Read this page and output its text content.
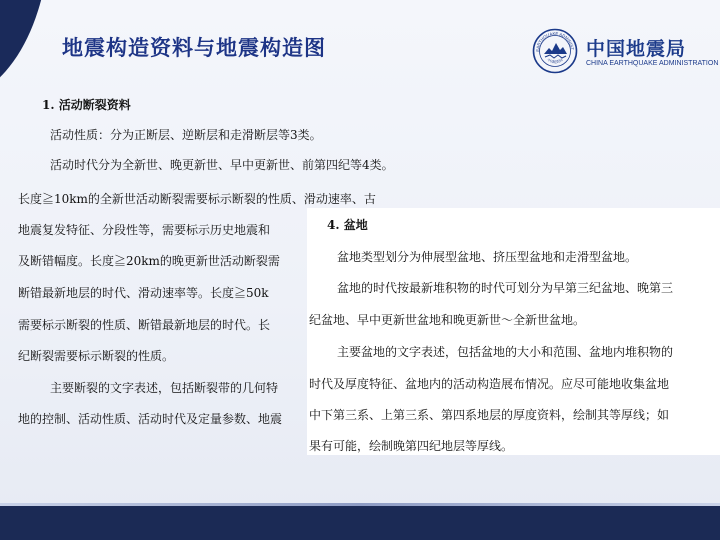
地震构造资料与地震构造图	EARTHQUAKE ADMINIST
中国地震局
中国地震局
CHINA EARTHQUAKE ADMINISTRATION
1. 活动断裂资料
活动性质：分为正断层、逆断层和走滑断层等3类。
活动时代分为全新世、晚更新世、早中更新世、前第四纪等4类。
长度≧10km的全新世活动断裂需要标示断裂的性质、滑动速率、古
地震复发特征、分段性等，需要标示历史地震和
及断错幅度。长度≧20km的晚更新世活动断裂需
断错最新地层的时代、滑动速率等。长度≧50k
需要标示断裂的性质、断错最新地层的时代。长
纪断裂需要标示断裂的性质。
主要断裂的文字表述，包括断裂带的几何特
地的控制、活动性质、活动时代及定量参数、地震
4. 盆地
盆地类型划分为伸展型盆地、挤压型盆地和走滑型盆地。
盆地的时代按最新堆积物的时代可划分为早第三纪盆地、晚第三
纪盆地、早中更新世盆地和晚更新世～全新世盆地。
主要盆地的文字表述，包括盆地的大小和范围、盆地内堆积物的
时代及厚度特征、盆地内的活动构造展布情况。应尽可能地收集盆地
中下第三系、上第三系、第四系地层的厚度资料，绘制其等厚线；如
果有可能，绘制晚第四纪地层等厚线。
